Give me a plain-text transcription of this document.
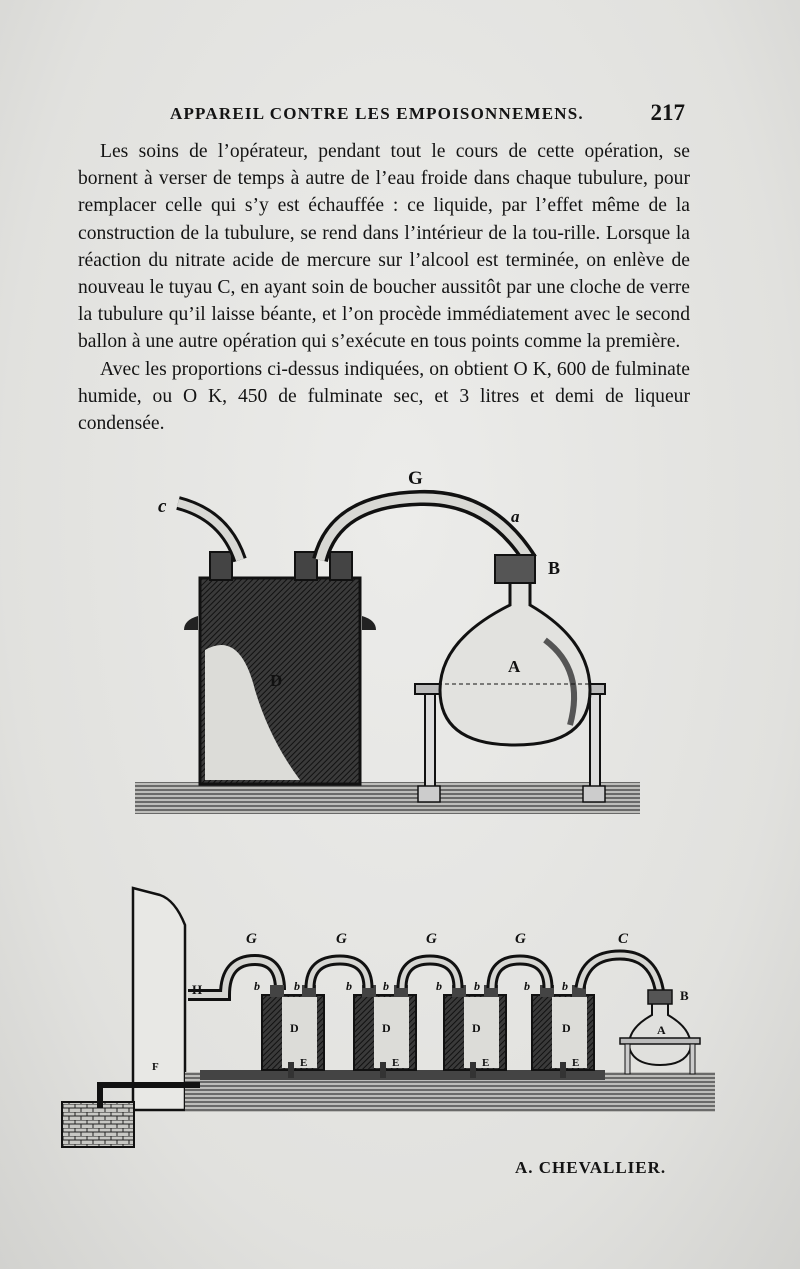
APPAREIL CONTRE LES EMPOISONNEMENS.	217

Les soins de l’opérateur, pendant tout le cours de cette opération, se bornent à verser de temps à autre de l’eau froide dans chaque tubulure, pour remplacer celle qui s’y est échauffée : ce liquide, par l’effet même de la construction de la tubulure, se rend dans l’intérieur de la tou-rille. Lorsque la réaction du nitrate acide de mercure sur l’alcool est terminée, on enlève de nouveau le tuyau C, en ayant soin de boucher aussitôt par une cloche de verre la tubulure qu’il laisse béante, et l’on procède immédiatement avec le second ballon à une autre opération qui s’exécute en tous points comme la première.

Avec les proportions ci-dessus indiquées, on obtient O K, 600 de fulminate humide, ou O K, 450 de fulminate sec, et 3 litres et demi de liqueur condensée.

G
c	a
B
A
D
G	G	G	G	C
H	B
A
F
b	b	b	b	b	b	b	b
D	D	D	D
E	E	E	E
A. CHEVALLIER.
